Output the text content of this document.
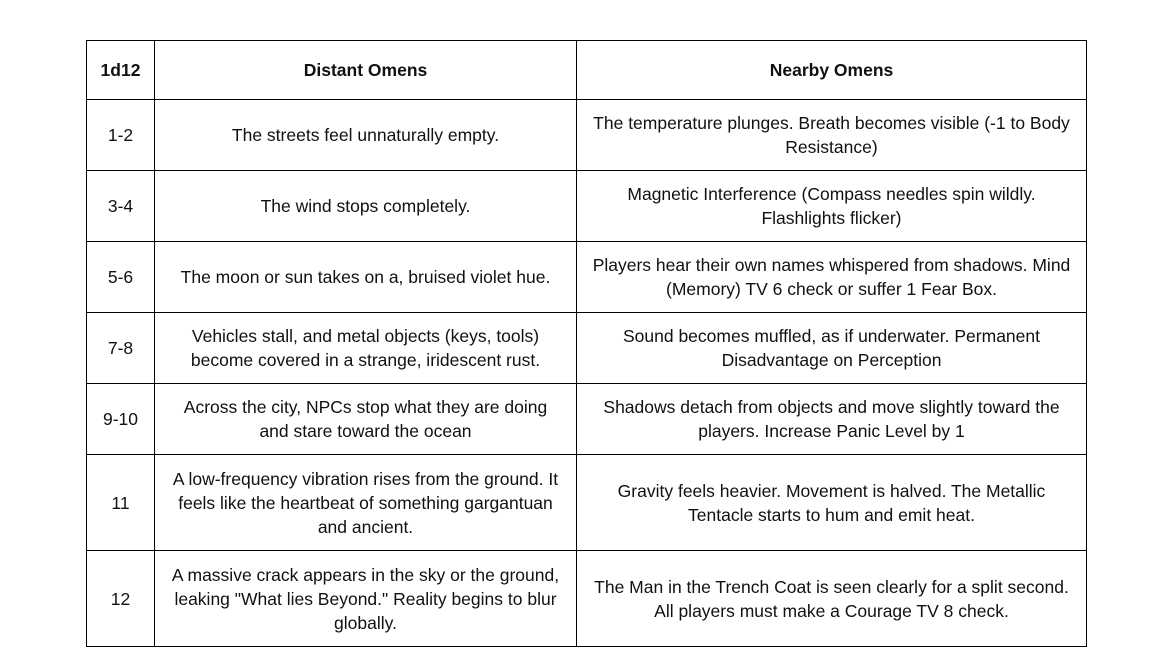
1d12	Distant Omens	Nearby Omens
1-2	The streets feel unnaturally empty.	The temperature plunges. Breath becomes visible (-1 to Body Resistance)
3-4	The wind stops completely.	Magnetic Interference (Compass needles spin wildly. Flashlights flicker)
5-6	The moon or sun takes on a, bruised violet hue.	Players hear their own names whispered from shadows. Mind (Memory) TV 6 check or suffer 1 Fear Box.
7-8	Vehicles stall, and metal objects (keys, tools) become covered in a strange, iridescent rust.	Sound becomes muffled, as if underwater. Permanent Disadvantage on Perception
9-10	Across the city, NPCs stop what they are doing and stare toward the ocean	Shadows detach from objects and move slightly toward the players. Increase Panic Level by 1
11	A low-frequency vibration rises from the ground. It feels like the heartbeat of something gargantuan and ancient.	Gravity feels heavier. Movement is halved. The Metallic Tentacle starts to hum and emit heat.
12	A massive crack appears in the sky or the ground, leaking "What lies Beyond." Reality begins to blur globally.	The Man in the Trench Coat is seen clearly for a split second. All players must make a Courage TV 8 check.
